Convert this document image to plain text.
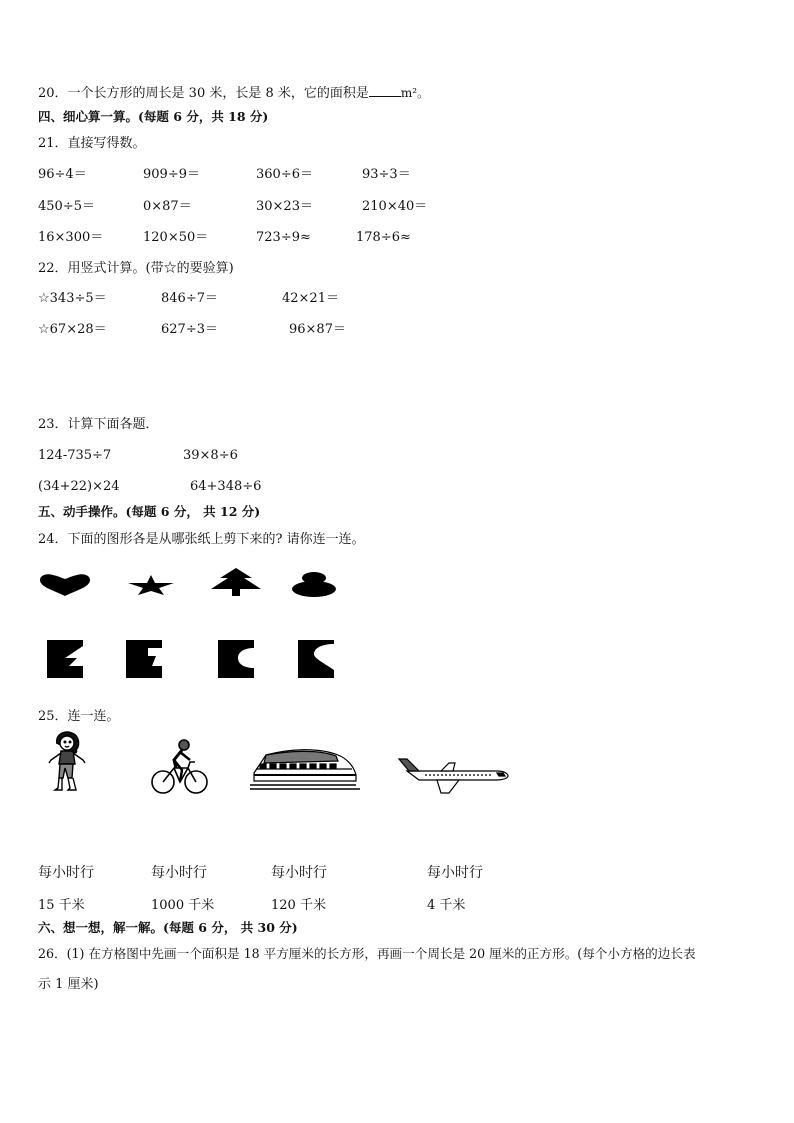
20．一个长方形的周长是 30 米，长是 8 米，它的面积是	m²。
四、细心算一算。(每题 6 分，共 18 分)
21．直接写得数。
96÷4＝	909÷9＝	360÷6＝	93÷3＝
450÷5＝	0×87＝	30×23＝	210×40＝
16×300＝	120×50＝	723÷9≈	178÷6≈
22．用竖式计算。(带☆的要验算)
☆343÷5＝	846÷7＝	42×21＝
☆67×28＝	627÷3＝	96×87＝
23．计算下面各题．
124-735÷7	39×8÷6
(34+22)×24	64+348÷6
五、动手操作。(每题 6 分， 共 12 分)
24．下面的图形各是从哪张纸上剪下来的? 请你连一连。
25．连一连。
每小时行	每小时行	每小时行	每小时行
15 千米	1000 千米	120 千米	4 千米
六、想一想，解一解。(每题 6 分， 共 30 分)
26．(1) 在方格图中先画一个面积是 18 平方厘米的长方形，再画一个周长是 20 厘米的正方形。(每个小方格的边长表
示 1 厘米)
